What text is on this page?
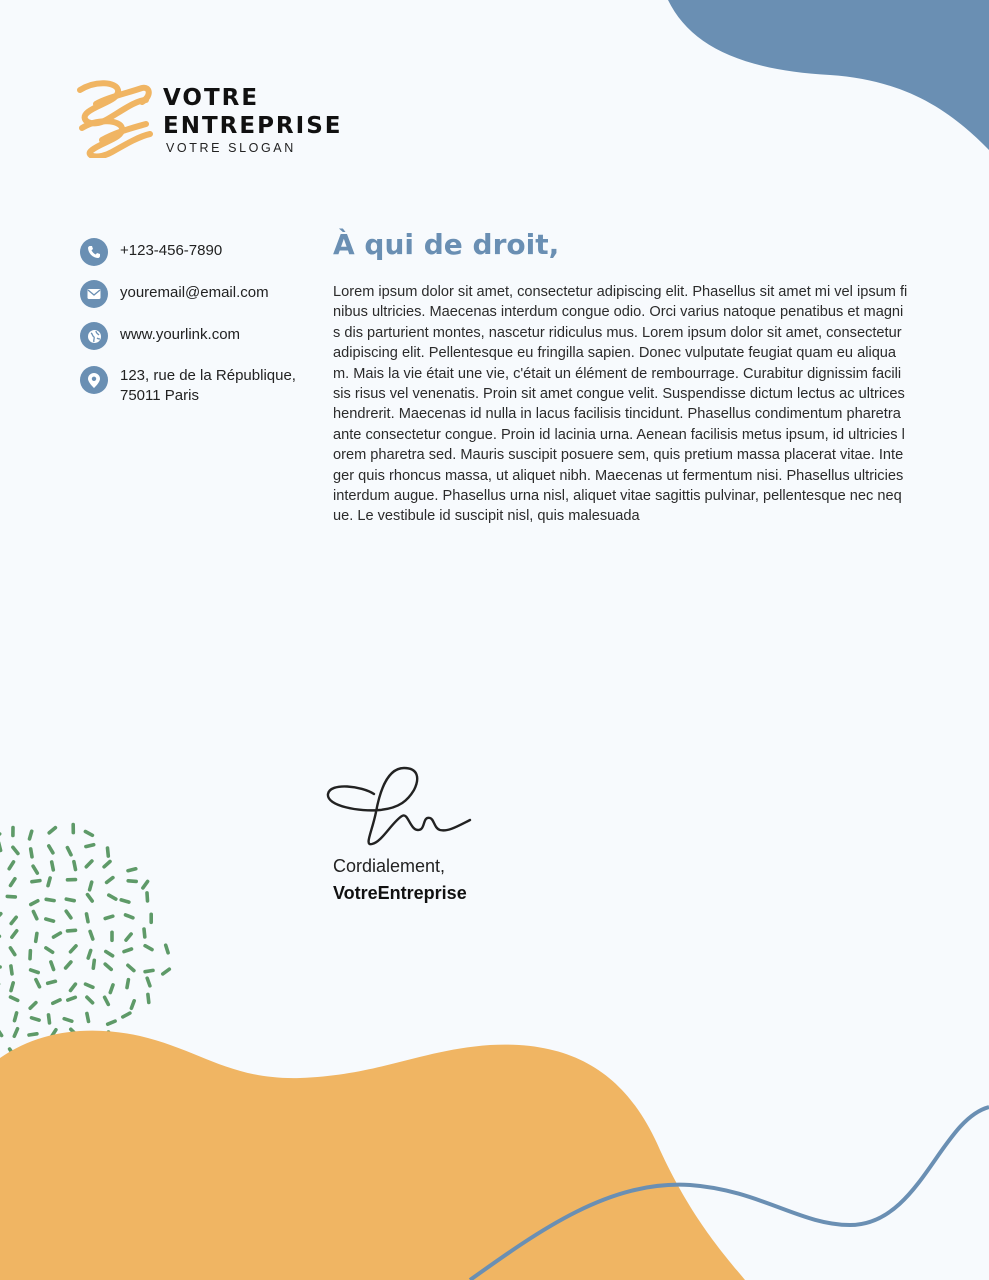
VOTRE
ENTREPRISE
VOTRE SLOGAN
+123-456-7890
youremail@email.com
www.yourlink.com
123, rue de la République,
75011 Paris
À qui de droit,

Lorem ipsum dolor sit amet, consectetur adipiscing elit. Phasellus sit amet mi vel ipsum finibus ultricies. Maecenas interdum congue odio. Orci varius natoque penatibus et magnis dis parturient montes, nascetur ridiculus mus. Lorem ipsum dolor sit amet, consectetur adipiscing elit. Pellentesque eu fringilla sapien. Donec vulputate feugiat quam eu aliquam. Mais la vie était une vie, c'était un élément de rembourrage. Curabitur dignissim facilisis risus vel venenatis. Proin sit amet congue velit. Suspendisse dictum lectus ac ultrices hendrerit. Maecenas id nulla in lacus facilisis tincidunt. Phasellus condimentum pharetra ante consectetur congue. Proin id lacinia urna. Aenean facilisis metus ipsum, id ultricies lorem pharetra sed. Mauris suscipit posuere sem, quis pretium massa placerat vitae. Integer quis rhoncus massa, ut aliquet nibh. Maecenas ut fermentum nisi. Phasellus ultricies interdum augue. Phasellus urna nisl, aliquet vitae sagittis pulvinar, pellentesque nec neque. Le vestibule id suscipit nisl, quis malesuada

Cordialement,
VotreEntreprise
